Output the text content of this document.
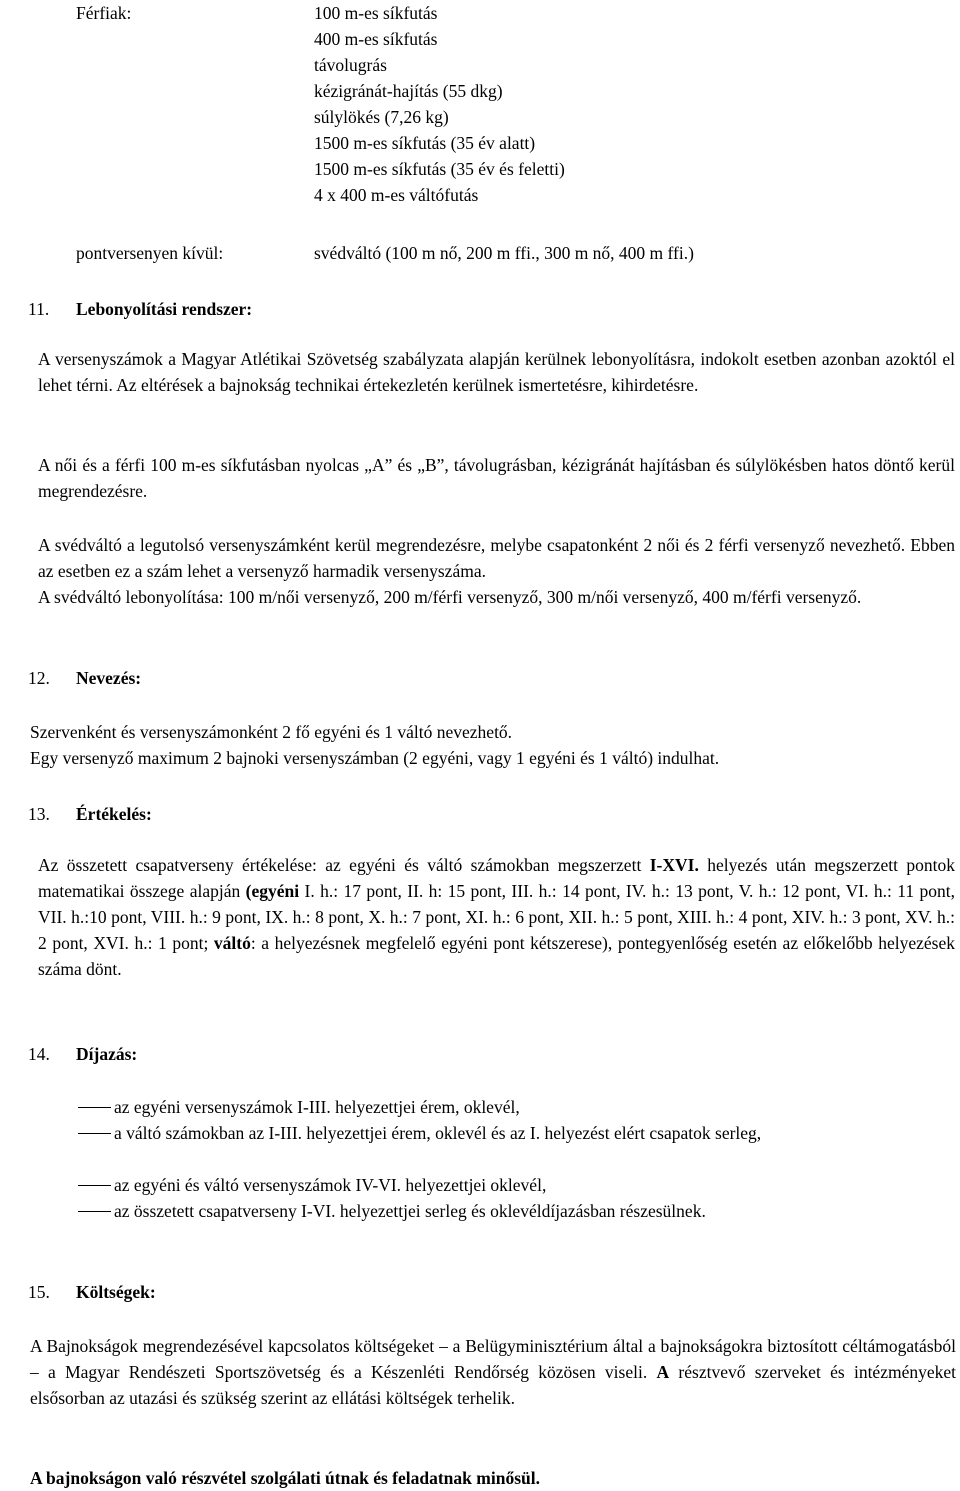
Férfiak:	100 m-es síkfutás
400 m-es síkfutás
távolugrás
kézigránát-hajítás (55 dkg)
súlylökés (7,26 kg)
1500 m-es síkfutás (35 év alatt)
1500 m-es síkfutás (35 év és feletti)
4 x 400 m-es váltófutás
pontversenyen kívül:	svédváltó (100 m nő, 200 m ffi., 300 m nő, 400 m ffi.)
11. Lebonyolítási rendszer:

A versenyszámok a Magyar Atlétikai Szövetség szabályzata alapján kerülnek lebonyolításra, indokolt esetben azonban azoktól el lehet térni. Az eltérések a bajnokság technikai értekezletén kerülnek ismertetésre, kihirdetésre.

A női és a férfi 100 m-es síkfutásban nyolcas „A” és „B”, távolugrásban, kézigránát hajításban és súlylökésben hatos döntő kerül megrendezésre.

A svédváltó a legutolsó versenyszámként kerül megrendezésre, melybe csapatonként 2 női és 2 férfi versenyző nevezhető. Ebben az esetben ez a szám lehet a versenyző harmadik versenyszáma.

A svédváltó lebonyolítása: 100 m/női versenyző, 200 m/férfi versenyző, 300 m/női versenyző, 400 m/férfi versenyző.

12. Nevezés:
Szervenként és versenyszámonként 2 fő egyéni és 1 váltó nevezhető.
Egy versenyző maximum 2 bajnoki versenyszámban (2 egyéni, vagy 1 egyéni és 1 váltó) indulhat.
13. Értékelés:

Az összetett csapatverseny értékelése: az egyéni és váltó számokban megszerzett I-XVI. helyezés után megszerzett pontok matematikai összege alapján (egyéni I. h.: 17 pont, II. h: 15 pont, III. h.: 14 pont, IV. h.: 13 pont, V. h.: 12 pont, VI. h.: 11 pont, VII. h.:10 pont, VIII. h.: 9 pont, IX. h.: 8 pont, X. h.: 7 pont, XI. h.: 6 pont, XII. h.: 5 pont, XIII. h.: 4 pont, XIV. h.: 3 pont, XV. h.: 2 pont, XVI. h.: 1 pont; váltó: a helyezésnek megfelelő egyéni pont kétszerese), pontegyenlőség esetén az előkelőbb helyezések száma dönt.

14. Díjazás:

az egyéni versenyszámok I-III. helyezettjei érem, oklevél,

a váltó számokban az I-III. helyezettjei érem, oklevél és az I. helyezést elért csapatok serleg,

az egyéni és váltó versenyszámok IV-VI. helyezettjei oklevél,

az összetett csapatverseny I-VI. helyezettjei serleg és oklevéldíjazásban részesülnek.

15. Költségek:

A Bajnokságok megrendezésével kapcsolatos költségeket – a Belügyminisztérium által a bajnokságokra biztosított céltámogatásból – a Magyar Rendészeti Sportszövetség és a Készenléti Rendőrség közösen viseli. A résztvevő szerveket és intézményeket elsősorban az utazási és szükség szerint az ellátási költségek terhelik.

A bajnokságon való részvétel szolgálati útnak és feladatnak minősül.
